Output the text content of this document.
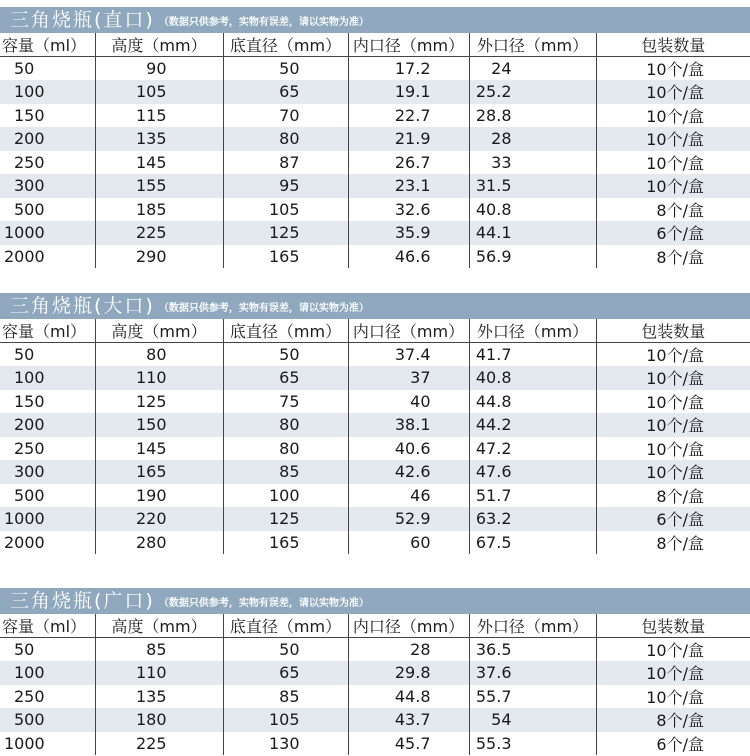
三角烧瓶(直口) （数据只供参考，实物有误差，请以实物为准）
容量（ml）	高度（mm）	底直径（mm）	内口径（mm）	外口径（mm）	包装数量
50	90	50	17.2	24	10个/盒
100	105	65	19.1	25.2	10个/盒
150	115	70	22.7	28.8	10个/盒
200	135	80	21.9	28	10个/盒
250	145	87	26.7	33	10个/盒
300	155	95	23.1	31.5	10个/盒
500	185	105	32.6	40.8	8个/盒
1000	225	125	35.9	44.1	6个/盒
2000	290	165	46.6	56.9	8个/盒
三角烧瓶(大口) （数据只供参考，实物有误差，请以实物为准）
容量（ml）	高度（mm）	底直径（mm）	内口径（mm）	外口径（mm）	包装数量
50	80	50	37.4	41.7	10个/盒
100	110	65	37	40.8	10个/盒
150	125	75	40	44.8	10个/盒
200	150	80	38.1	44.2	10个/盒
250	145	80	40.6	47.2	10个/盒
300	165	85	42.6	47.6	10个/盒
500	190	100	46	51.7	8个/盒
1000	220	125	52.9	63.2	6个/盒
2000	280	165	60	67.5	8个/盒
三角烧瓶(广口) （数据只供参考，实物有误差，请以实物为准）
容量（ml）	高度（mm）	底直径（mm）	内口径（mm）	外口径（mm）	包装数量
50	85	50	28	36.5	10个/盒
100	110	65	29.8	37.6	10个/盒
250	135	85	44.8	55.7	10个/盒
500	180	105	43.7	54	8个/盒
1000	225	130	45.7	55.3	6个/盒
